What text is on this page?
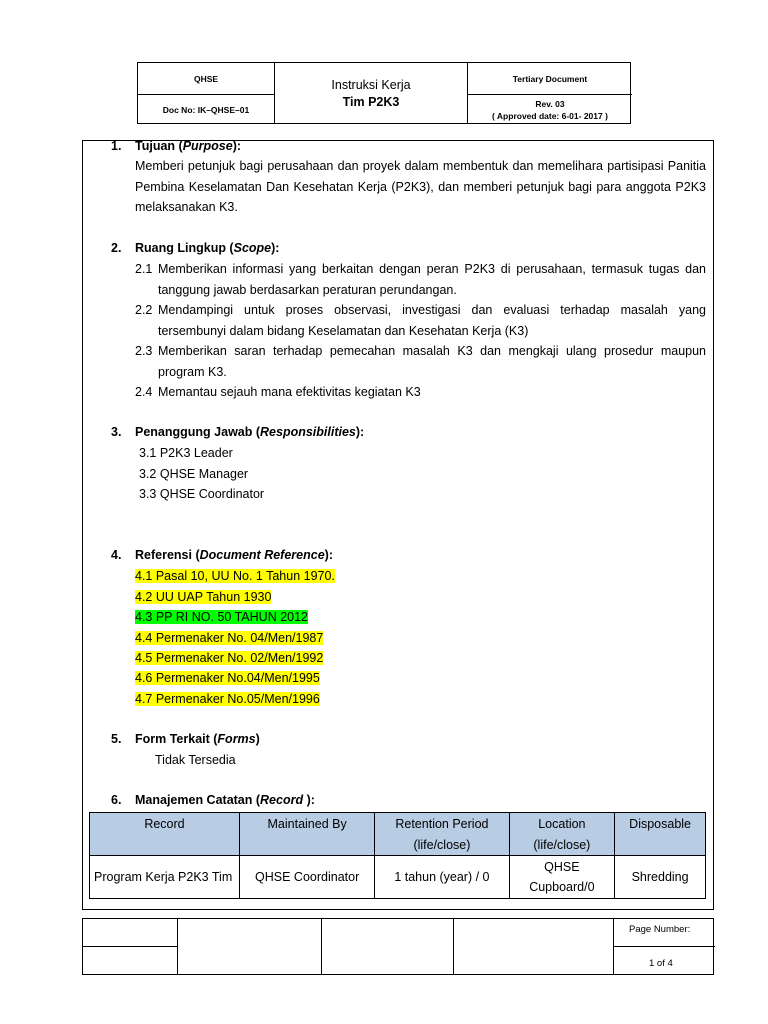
QHSE
Doc No: IK–QHSE–01
Instruksi Kerja
Tim P2K3
Tertiary Document
Rev. 03
( Approved date: 6-01- 2017 )
1. Tujuan (Purpose):
Memberi petunjuk bagi perusahaan dan proyek dalam membentuk dan memelihara partisipasi Panitia Pembina Keselamatan Dan Kesehatan Kerja (P2K3), dan memberi petunjuk bagi para anggota P2K3 melaksanakan K3.
2. Ruang Lingkup (Scope):
2.1 Memberikan informasi yang berkaitan dengan peran P2K3 di perusahaan, termasuk tugas dan tanggung jawab berdasarkan peraturan perundangan.
2.2 Mendampingi untuk proses observasi, investigasi dan evaluasi terhadap masalah yang tersembunyi dalam bidang Keselamatan dan Kesehatan Kerja (K3)
2.3 Memberikan saran terhadap pemecahan masalah K3 dan mengkaji ulang prosedur maupun program K3.
2.4 Memantau sejauh mana efektivitas kegiatan K3
3. Penanggung Jawab (Responsibilities):
3.1 P2K3 Leader
3.2 QHSE Manager
3.3 QHSE Coordinator
4. Referensi (Document Reference):
4.1 Pasal 10, UU No. 1 Tahun 1970.
4.2 UU UAP Tahun 1930
4.3 PP RI NO. 50 TAHUN 2012
4.4 Permenaker No. 04/Men/1987
4.5 Permenaker No. 02/Men/1992
4.6 Permenaker No.04/Men/1995
4.7 Permenaker No.05/Men/1996
5. Form Terkait (Forms)
Tidak Tersedia
6. Manajemen Catatan (Record ):
Record	Maintained By	Retention Period (life/close)	Location (life/close)	Disposable
Program Kerja P2K3 Tim	QHSE Coordinator	1 tahun (year) / 0	QHSE Cupboard/0	Shredding
Page Number:
1 of 4
